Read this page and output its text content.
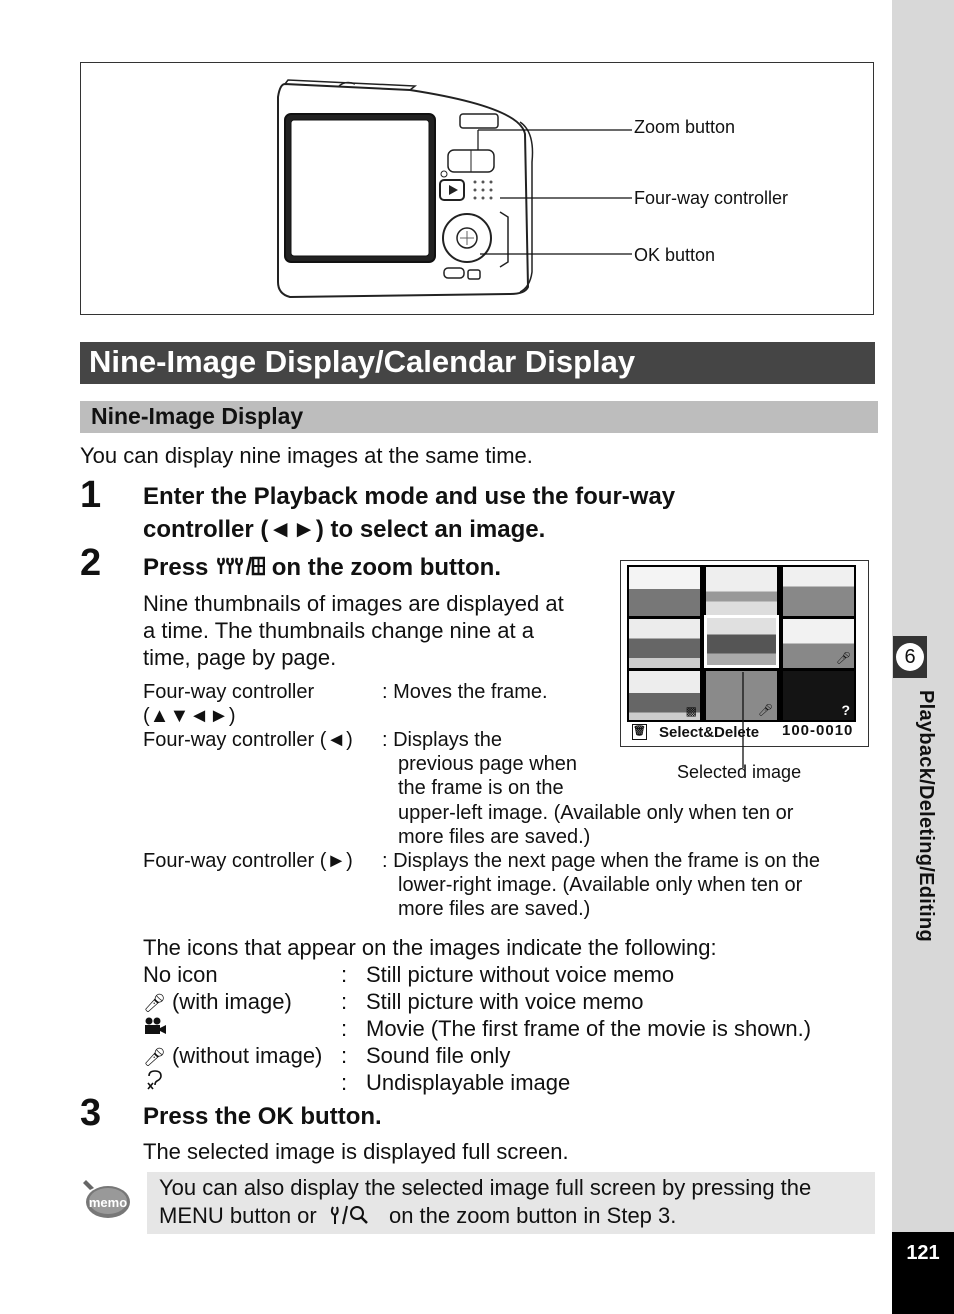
6
Playback/Deleting/Editing
121
Zoom button
Four-way controller
OK button
Nine-Image Display/Calendar Display
Nine-Image Display
You can display nine images at the same time.
1 Enter the Playback mode and use the four-way
controller (◄►) to select an image.
2 Press  on the zoom button.
Nine thumbnails of images are displayed at
a time. The thumbnails change nine at a
time, page by page.
Four-way controller	: Moves the frame.
(▲▼◄►)
Four-way controller (◄) : Displays the
previous page when
the frame is on the
upper-left image. (Available only when ten or
more files are saved.)
Four-way controller (►) : Displays the next page when the frame is on the
lower-right image. (Available only when ten or
more files are saved.)
🎤︎
▩	🎤︎	?
🗑︎ Select&Delete 100-0010
Selected image
The icons that appear on the images indicate the following:
No icon	: Still picture without voice memo
🎤︎ (with image) : Still picture with voice memo
: Movie (The first frame of the movie is shown.)
🎤︎ (without image) : Sound file only
: Undisplayable image
3 Press the OK button.
The selected image is displayed full screen.
memo
You can also display the selected image full screen by pressing the
MENU button or	on the zoom button in Step 3.
